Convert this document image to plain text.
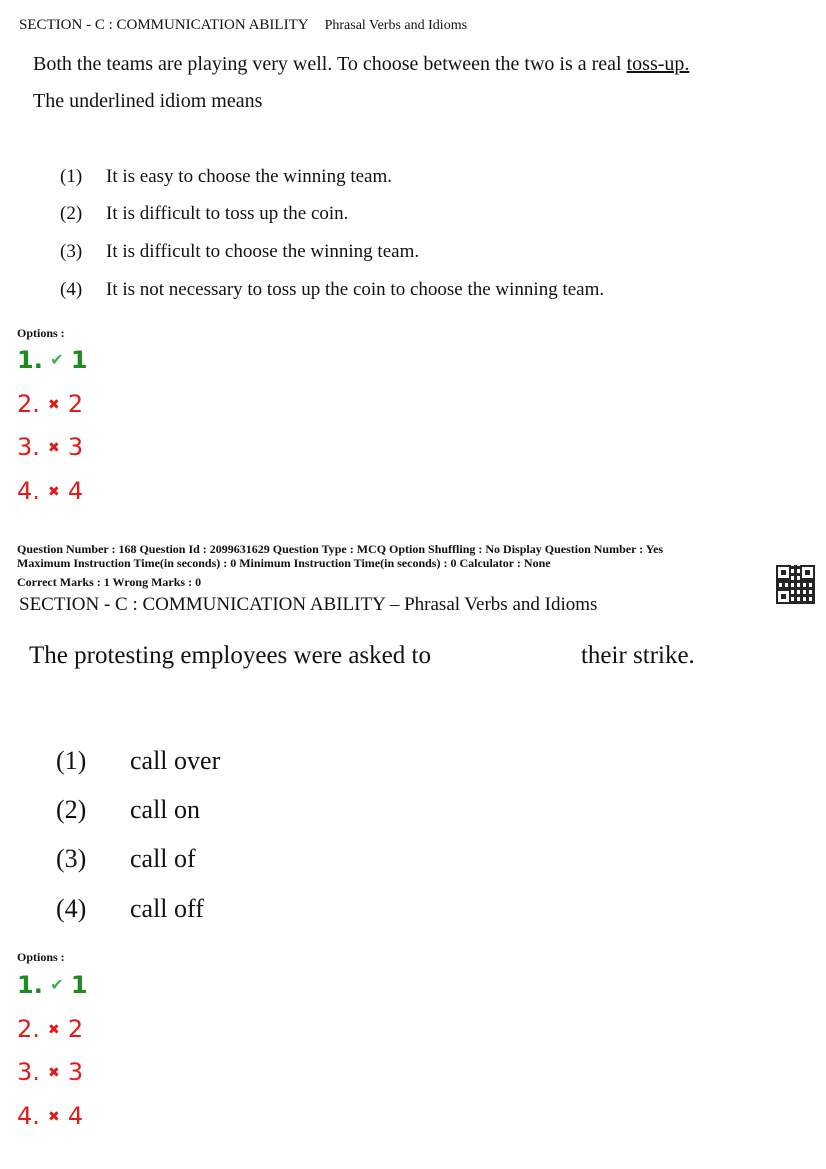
SECTION - C : COMMUNICATION ABILITY Phrasal Verbs and Idioms
Both the teams are playing very well. To choose between the two is a real toss-up.
The underlined idiom means
(1) It is easy to choose the winning team.
(2) It is difficult to toss up the coin.
(3) It is difficult to choose the winning team.
(4) It is not necessary to toss up the coin to choose the winning team.
Options :
1. ✔ 1
2. ✖ 2
3. ✖ 3
4. ✖ 4
Question Number : 168 Question Id : 2099631629 Question Type : MCQ Option Shuffling : No Display Question Number : Yes
Maximum Instruction Time(in seconds) : 0 Minimum Instruction Time(in seconds) : 0 Calculator : None
Correct Marks : 1 Wrong Marks : 0
SECTION - C : COMMUNICATION ABILITY – Phrasal Verbs and Idioms
The protesting employees were asked to	their strike.
(1) call over
(2) call on
(3) call of
(4) call off
Options :
1. ✔ 1
2. ✖ 2
3. ✖ 3
4. ✖ 4
